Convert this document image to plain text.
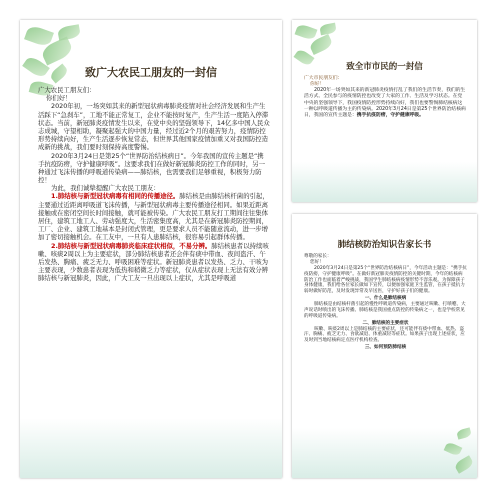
致广大农民工朋友的一封信
广大农民工朋友们：
你们好！
2020年初，一场突如其来的新型冠状病毒肺炎疫情对社会经济发展和生产生活踩下“急刹车”，工地不能正常复工，企业不能按时复产，生产生活一度陷入停滞状态。当前，新冠肺炎疫情发生以来，在党中央的坚强领导下，14亿多中国人民众志成城，守望相助，凝聚起强大的中国力量，经过近2个月的艰苦努力，疫情防控形势持续向好，生产生活逐步恢复常态，但世界其他国家疫情加重又对我国防控造成新的挑战，我们要时刻保持高度警惕。
2020年3月24日是第25个“世界防治结核病日”。今年我国的宣传主题是“携手抗疫防痨，守护健康呼吸”。这要求我们在做好新冠肺炎防控工作的同时，另一种通过飞沫传播的呼吸道传染病——肺结核，也需要我们足够重视，积极努力防控！
为此，我们诚挚提醒广大农民工朋友：
1.肺结核与新型冠状病毒有相同的传播途径。肺结核是由肺结核杆菌的引起，主要通过近距离呼吸道飞沫传播，与新型冠状病毒主要传播途径相同。如果近距离接触或在密闭空间长时间接触，就可能被传染。广大农民工朋友打工期间往往集体居住，建筑工地工人、劳动强度大，生活密集度高，尤其是在新冠肺炎防控期间，工厂、企业、建筑工地基本是封闭式管理，更是要求人员不能随意流动，进一步增加了密切接触机会。在工友中，一旦有人患肺结核，很容易引起群体传播。
2.肺结核与新型冠状病毒肺炎临床症状相似，不易分辨。肺结核患者以持续咳嗽、咳痰2周以上为主要症状，部分肺结核患者还会伴有痰中带血、夜间盗汗、午后发热、胸痛、疲乏无力、呼吸困难等症状。新冠肺炎患者以发热、乏力、干咳为主要表现，少数患者表现为低热和稍微乏力等症状，仅从症状表现上无法有效分辨肺结核与新冠肺炎，因此，广大工友一旦出现以上症状，尤其是呼吸道
致全市市民的一封信
广大市民朋友们：
你好！
2020年一场突如其来的新冠肺炎疫情打乱了我们的生活节奏，我们的生活方式、全民参与的疫情防控也改变了大家的工作、生活及学习状态。在党中央的坚强领导下，我国疫情防控形势持续向好，我们也要警惕肺结核病这一种以呼吸道传播为主的传染病。2020年3月24日是第25个世界防治结核病日，我国的宣传主题是：携手抗疫防痨，守护健康呼吸。
肺结核防治知识告家长书
尊敬的家长：
您好！
2020年3月24日是第25个“世界防治结核病日”，今年活动主题是：“携手抗疫防痨，守护健康呼吸”。在做好新冠肺炎疫情防控的关键时期，今年的结核病防治工作也面临着严峻挑战，我国学生肺结核病疫情形势不容乐观。为保障孩子身体健康，我们给各位家长做如下宣传，以便加强家庭卫生监管，在孩子抵抗力弱时做好防范，及时发现异常及早送医，守护好孩子们的健康。
一、什么是肺结核病
肺结核是由结核杆菌引起的慢性呼吸道传染病，主要通过咳嗽、打喷嚏、大声说话时喷出的飞沫传播。肺结核是我国重点防控的传染病之一，也是学校常见的呼吸道传染病。
二、肺结核的主要症状
咳嗽、咳痰2周以上是肺结核的主要症状，还可能伴有痰中带血、低热、盗汗、胸痛、疲乏无力、食欲减退、体重减轻等症状。如果孩子出现上述症状，应及时到当地结核病定点医疗机构检查。
三、如何预防肺结核
